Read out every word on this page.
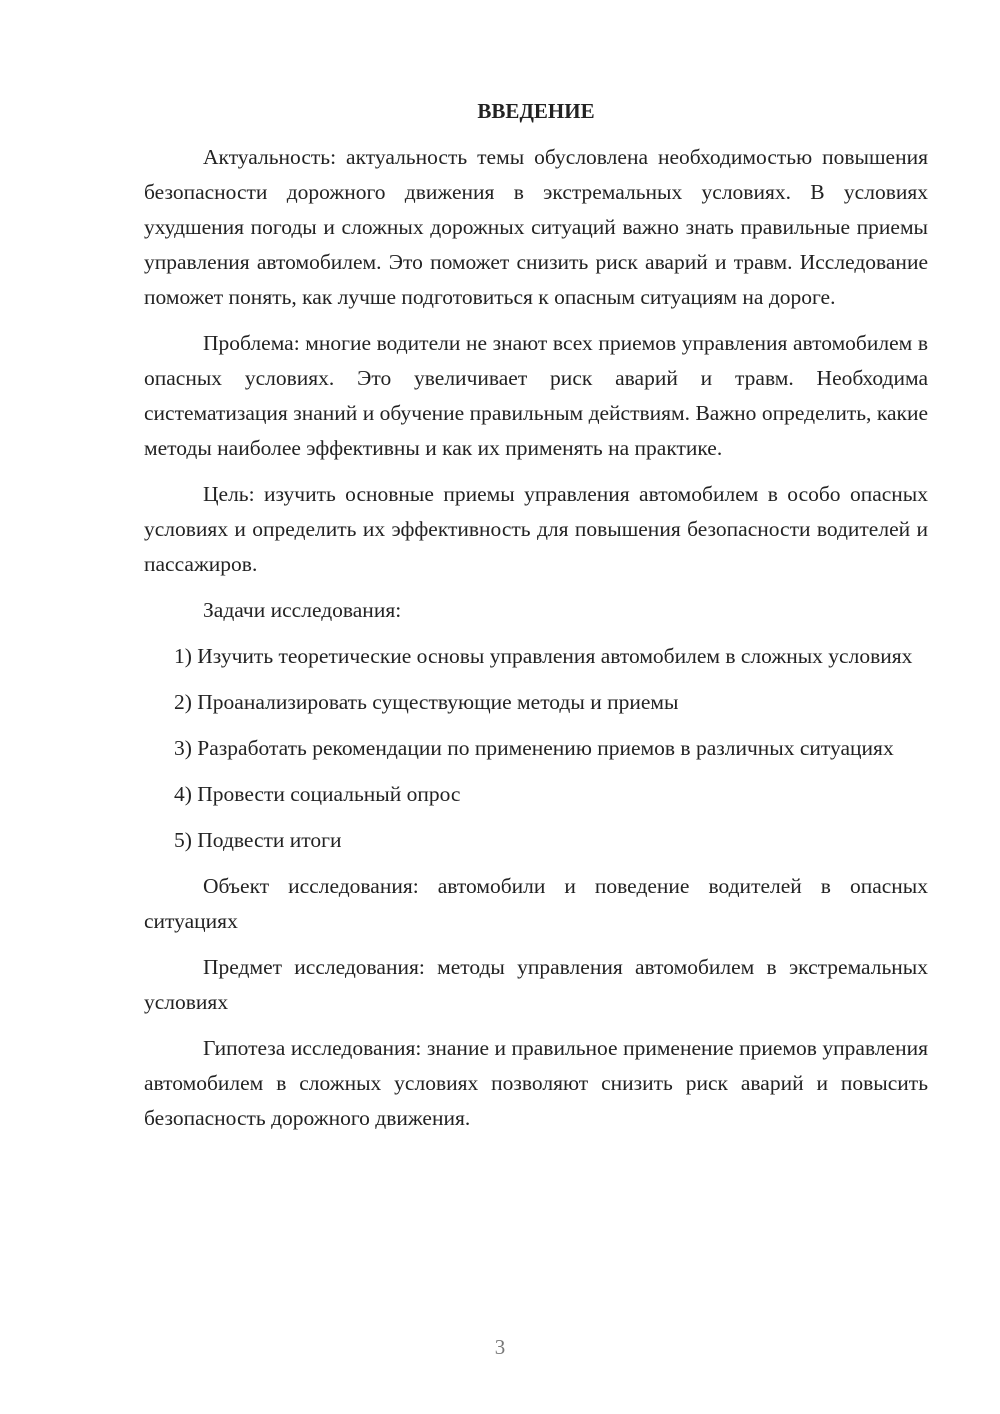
ВВЕДЕНИЕ

Актуальность: актуальность темы обусловлена необходимостью повышения безопасности дорожного движения в экстремальных условиях. В условиях ухудшения погоды и сложных дорожных ситуаций важно знать правильные приемы управления автомобилем. Это поможет снизить риск аварий и травм. Исследование поможет понять, как лучше подготовиться к опасным ситуациям на дороге.

Проблема: многие водители не знают всех приемов управления автомобилем в опасных условиях. Это увеличивает риск аварий и травм. Необходима систематизация знаний и обучение правильным действиям. Важно определить, какие методы наиболее эффективны и как их применять на практике.

Цель: изучить основные приемы управления автомобилем в особо опасных условиях и определить их эффективность для повышения безопасности водителей и пассажиров.

Задачи исследования:

1) Изучить теоретические основы управления автомобилем в сложных условиях

2) Проанализировать существующие методы и приемы

3) Разработать рекомендации по применению приемов в различных ситуациях

4) Провести социальный опрос

5) Подвести итоги

Объект исследования: автомобили и поведение водителей в опасных ситуациях

Предмет исследования: методы управления автомобилем в экстремальных условиях

Гипотеза исследования: знание и правильное применение приемов управления автомобилем в сложных условиях позволяют снизить риск аварий и повысить безопасность дорожного движения.

3
